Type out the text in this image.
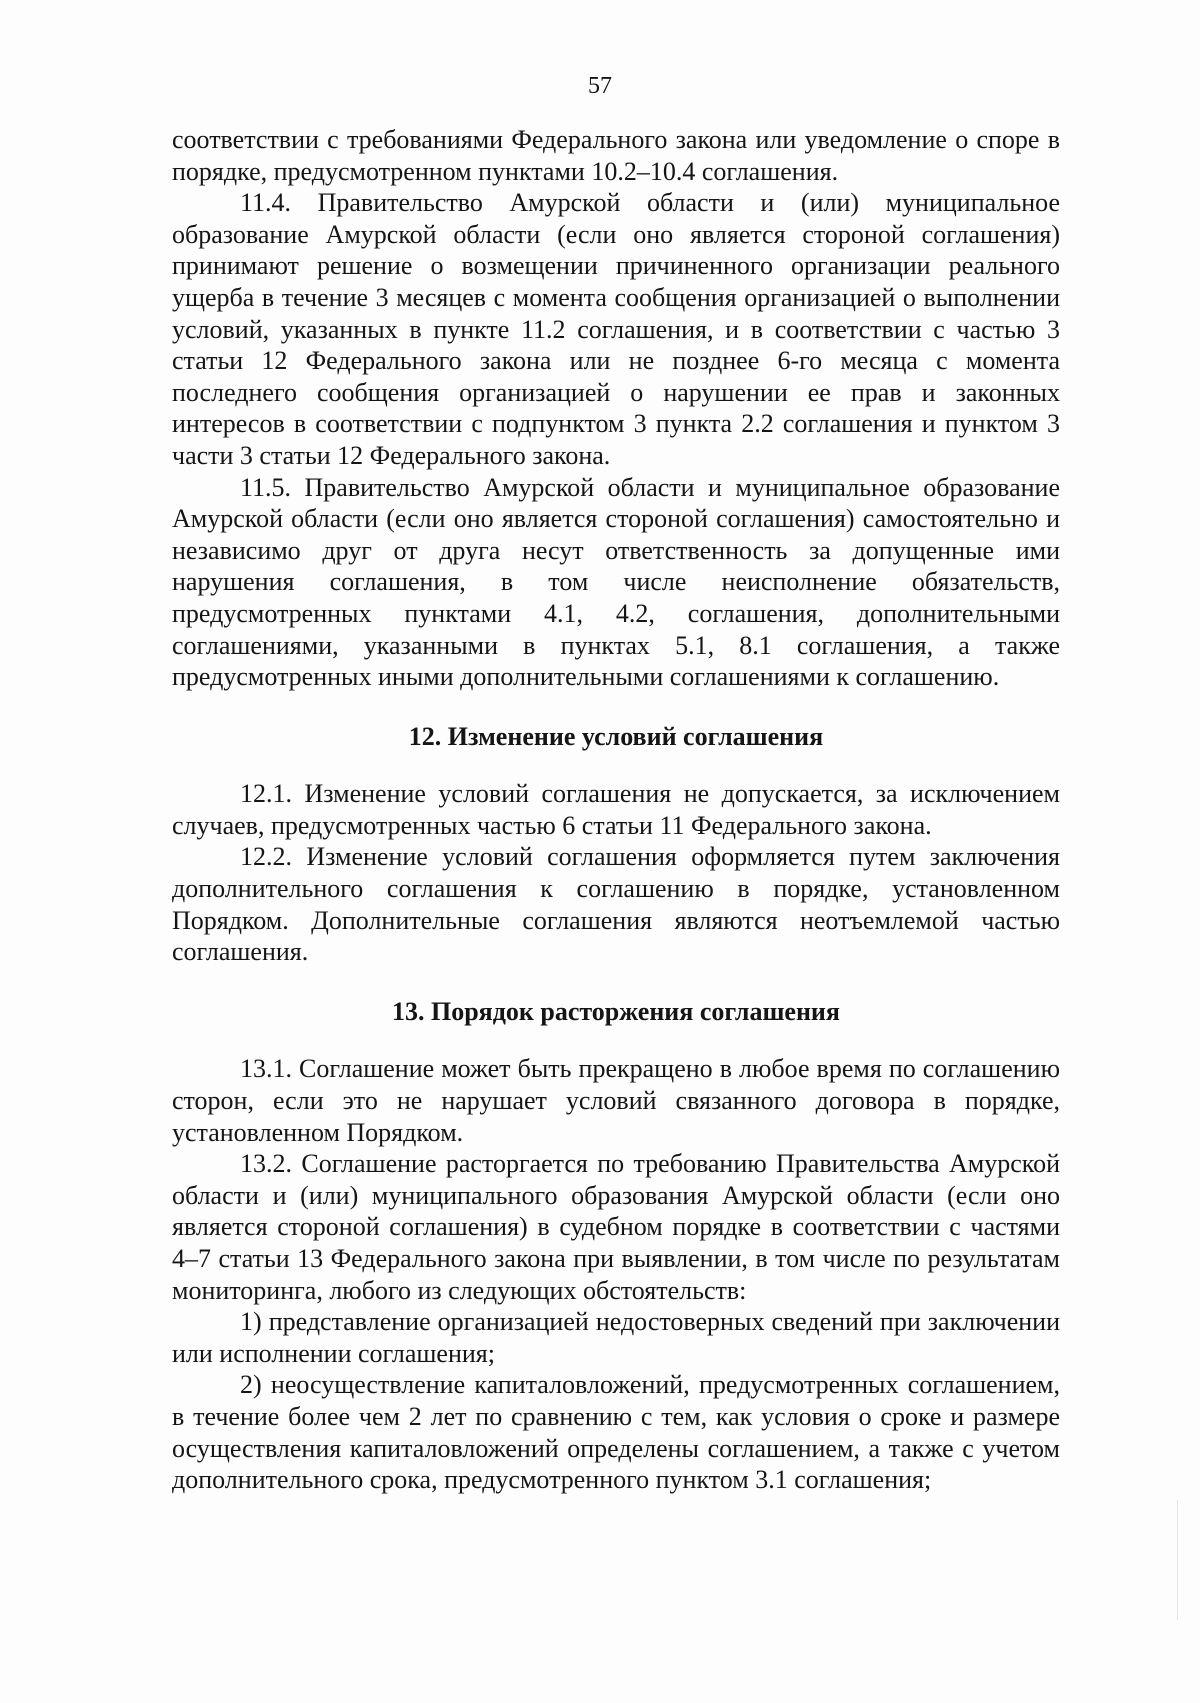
57

соответствии с требованиями Федерального закона или уведомление о споре в порядке, предусмотренном пунктами 10.2–10.4 соглашения.

11.4. Правительство Амурской области и (или) муниципальное образование Амурской области (если оно является стороной соглашения) принимают решение о возмещении причиненного организации реального ущерба в течение 3 месяцев с момента сообщения организацией о выполнении условий, указанных в пункте 11.2 соглашения, и в соответствии с частью 3 статьи 12 Федерального закона или не позднее 6-го месяца с момента последнего сообщения организацией о нарушении ее прав и законных интересов в соответствии с подпунктом 3 пункта 2.2 соглашения и пунктом 3 части 3 статьи 12 Федерального закона.

11.5. Правительство Амурской области и муниципальное образование Амурской области (если оно является стороной соглашения) самостоятельно и независимо друг от друга несут ответственность за допущенные ими нарушения соглашения, в том числе неисполнение обязательств, предусмотренных пунктами 4.1, 4.2, соглашения, дополнительными соглашениями, указанными в пунктах 5.1, 8.1 соглашения, а также предусмотренных иными дополнительными соглашениями к соглашению.

12. Изменение условий соглашения

12.1. Изменение условий соглашения не допускается, за исключением случаев, предусмотренных частью 6 статьи 11 Федерального закона.

12.2. Изменение условий соглашения оформляется путем заключения дополнительного соглашения к соглашению в порядке, установленном Порядком. Дополнительные соглашения являются неотъемлемой частью соглашения.

13. Порядок расторжения соглашения

13.1. Соглашение может быть прекращено в любое время по соглашению сторон, если это не нарушает условий связанного договора в порядке, установленном Порядком.

13.2. Соглашение расторгается по требованию Правительства Амурской области и (или) муниципального образования Амурской области (если оно является стороной соглашения) в судебном порядке в соответствии с частями 4–7 статьи 13 Федерального закона при выявлении, в том числе по результатам мониторинга, любого из следующих обстоятельств:

1) представление организацией недостоверных сведений при заключении или исполнении соглашения;

2) неосуществление капиталовложений, предусмотренных соглашением, в течение более чем 2 лет по сравнению с тем, как условия о сроке и размере осуществления капиталовложений определены соглашением, а также с учетом дополнительного срока, предусмотренного пунктом 3.1 соглашения;
